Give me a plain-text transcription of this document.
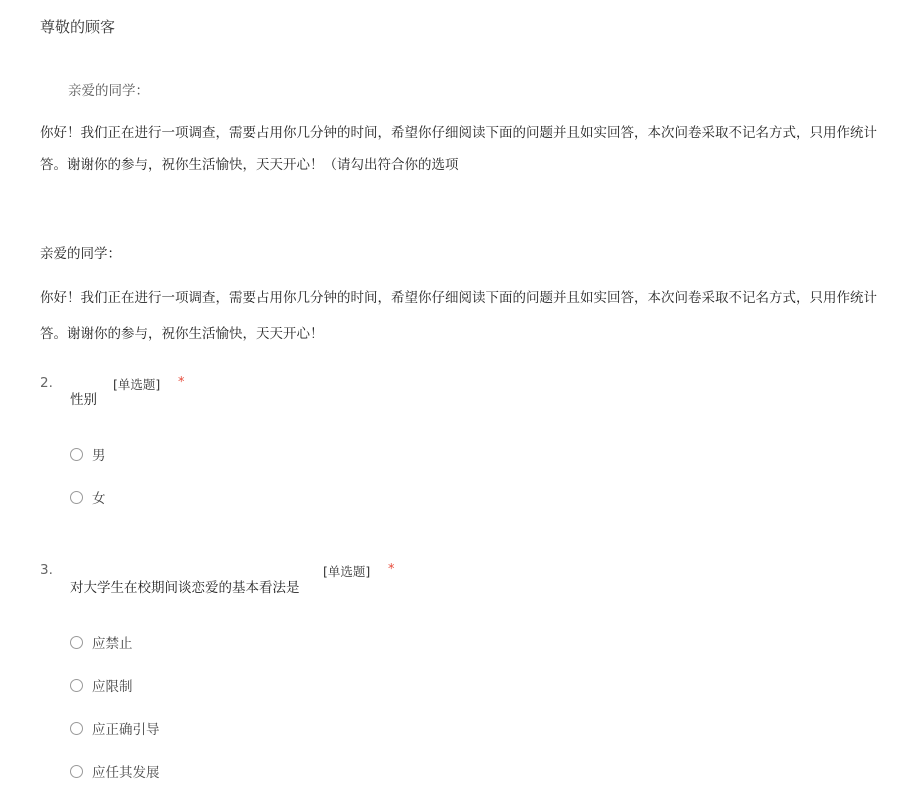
尊敬的顾客
亲爱的同学：
你好！我们正在进行一项调查，需要占用你几分钟的时间，希望你仔细阅读下面的问题并且如实回答，本次问卷采取不记名方式，只用作统计
答。谢谢你的参与，祝你生活愉快，天天开心！（请勾出符合你的选项
亲爱的同学：
你好！我们正在进行一项调查，需要占用你几分钟的时间，希望你仔细阅读下面的问题并且如实回答，本次问卷采取不记名方式，只用作统计
答。谢谢你的参与，祝你生活愉快，天天开心！
2.
性别
[单选题] *
男
女
3.
对大学生在校期间谈恋爱的基本看法是
[单选题] *
应禁止
应限制
应正确引导
应任其发展
